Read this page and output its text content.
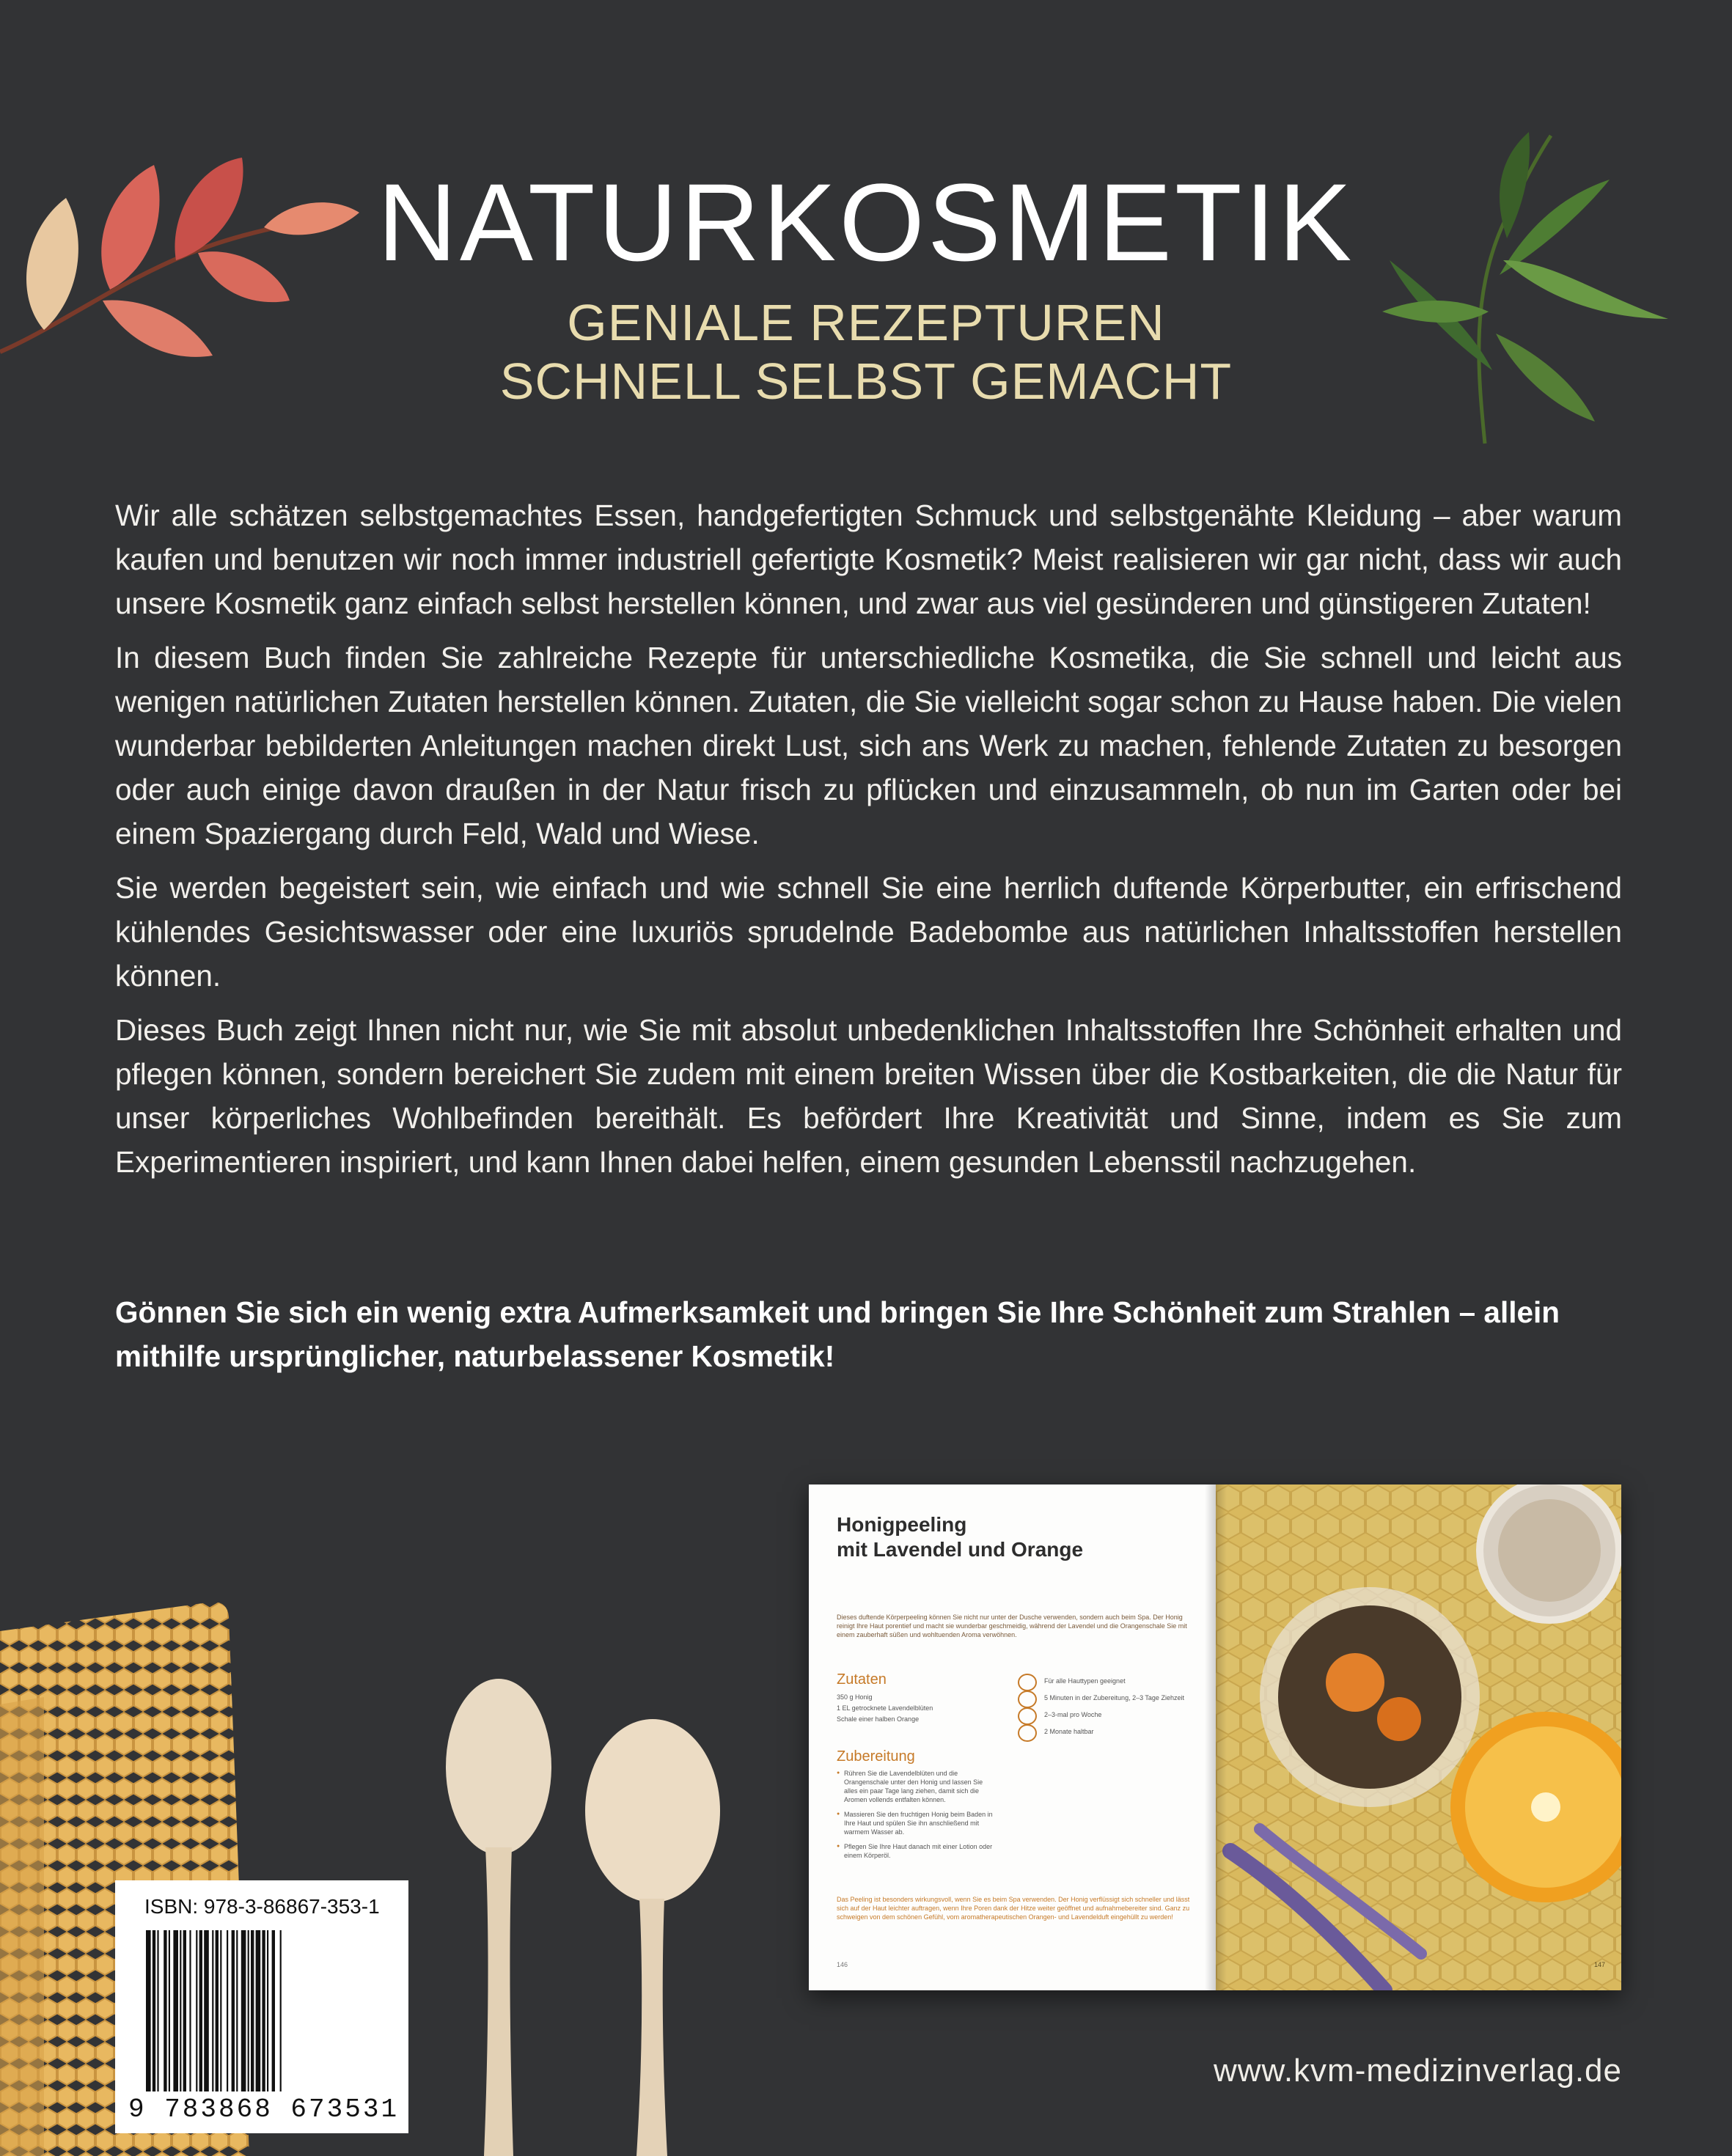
NATURKOSMETIK
GENIALE REZEPTUREN
SCHNELL SELBST GEMACHT

Wir alle schätzen selbstgemachtes Essen, handgefertigten Schmuck und selbstgenähte Kleidung – aber warum kaufen und benutzen wir noch immer industriell gefertigte Kosmetik? Meist realisieren wir gar nicht, dass wir auch unsere Kosmetik ganz einfach selbst herstellen können, und zwar aus viel gesünderen und günstigeren Zutaten!

In diesem Buch finden Sie zahlreiche Rezepte für unterschiedliche Kosmetika, die Sie schnell und leicht aus wenigen natürlichen Zutaten herstellen können. Zutaten, die Sie vielleicht sogar schon zu Hause haben. Die vielen wunderbar bebilderten Anleitungen machen direkt Lust, sich ans Werk zu machen, fehlende Zutaten zu besorgen oder auch einige davon draußen in der Natur frisch zu pflücken und einzusammeln, ob nun im Garten oder bei einem Spaziergang durch Feld, Wald und Wiese.

Sie werden begeistert sein, wie einfach und wie schnell Sie eine herrlich duftende Körperbutter, ein erfrischend kühlendes Gesichtswasser oder eine luxuriös sprudelnde Badebombe aus natürlichen Inhaltsstoffen herstellen können.

Dieses Buch zeigt Ihnen nicht nur, wie Sie mit absolut unbedenklichen Inhaltsstoffen Ihre Schönheit erhalten und pflegen können, sondern bereichert Sie zudem mit einem breiten Wissen über die Kostbarkeiten, die die Natur für unser körperliches Wohlbefinden bereithält. Es befördert Ihre Kreativität und Sinne, indem es Sie zum Experimentieren inspiriert, und kann Ihnen dabei helfen, einem gesunden Lebensstil nachzugehen.

Gönnen Sie sich ein wenig extra Aufmerksamkeit und bringen Sie Ihre Schönheit zum Strahlen – allein mithilfe ursprünglicher, naturbelassener Kosmetik!
ISBN: 978-3-86867-353-1
9 783868 673531
Honigpeeling
mit Lavendel und Orange
Dieses duftende Körperpeeling können Sie nicht nur unter der Dusche verwenden, sondern auch beim Spa. Der Honig reinigt Ihre Haut porentief und macht sie wunderbar geschmeidig, während der Lavendel und die Orangenschale Sie mit einem zauberhaft süßen und wohltuenden Aroma verwöhnen.
Zutaten
350 g Honig
1 EL getrocknete Lavendelblüten
Schale einer halben Orange
Zubereitung
● Rühren Sie die Lavendelblüten und die Orangenschale unter den Honig und lassen Sie alles ein paar Tage lang ziehen, damit sich die Aromen vollends entfalten können.
● Massieren Sie den fruchtigen Honig beim Baden in Ihre Haut und spülen Sie ihn anschließend mit warmem Wasser ab.
● Pflegen Sie Ihre Haut danach mit einer Lotion oder einem Körperöl.
Für alle Hauttypen geeignet
5 Minuten in der Zubereitung, 2–3 Tage Ziehzeit
2–3-mal pro Woche
2 Monate haltbar
Das Peeling ist besonders wirkungsvoll, wenn Sie es beim Spa verwenden. Der Honig verflüssigt sich schneller und lässt sich auf der Haut leichter auftragen, wenn Ihre Poren dank der Hitze weiter geöffnet und aufnahmebereiter sind. Ganz zu schweigen von dem schönen Gefühl, vom aromatherapeutischen Orangen- und Lavendelduft eingehüllt zu werden!
146	147
www.kvm-medizinverlag.de
